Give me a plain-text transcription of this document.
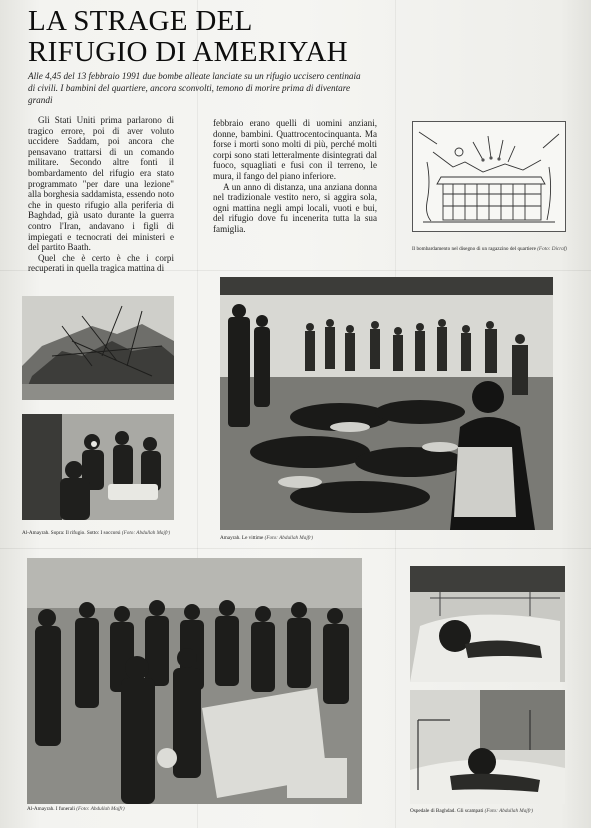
LA STRAGE DEL
RIFUGIO DI AMERIYAH

Alle 4,45 del 13 febbraio 1991 due bombe alleate lanciate su un rifugio uccisero centinaia di civili. I bambini del quartiere, ancora sconvolti, temono di morire prima di diventare grandi

Gli Stati Uniti prima parlarono di tragico errore, poi di aver voluto uccidere Saddam, poi ancora che pensavano trattarsi di un comando militare. Secondo altre fonti il bombardamento del rifugio era stato programmato "per dare una lezione" alla borghesia saddamista, essendo noto che in questo rifugio alla periferia di Baghdad, già usato durante la guerra contro l'Iran, andavano i figli di impiegati e tecnocrati dei ministeri e del partito Baath.

Quel che è certo è che i corpi recuperati in quella tragica mattina di

febbraio erano quelli di uomini anziani, donne, bambini. Quattrocentocinquanta. Ma forse i morti sono molti di più, perché molti corpi sono stati letteralmente disintegrati dal fuoco, squagliati e fusi con il terreno, le mura, il fango del piano inferiore.

A un anno di distanza, una anziana donna nel tradizionale vestito nero, si aggira sola, ogni mattina negli ampi locali, vuoti e bui, del rifugio dove fu incenerita tutta la sua famiglia.

Il bombardamento nel disegno di un ragazzino del quartiere (Foto: Dicraf)
Al-Amayrah. Sopra: Il rifugio. Sotto: I soccorsi (Foto: Abdullah Majfr)
Amayrah. Le vittime (Foto: Abdullah Majfr)
Al-Amayrah. I funerali (Foto: Abdullah Majfr)	Ospedale di Baghdad. Gli scampati (Foto: Abdullah Majfr)
